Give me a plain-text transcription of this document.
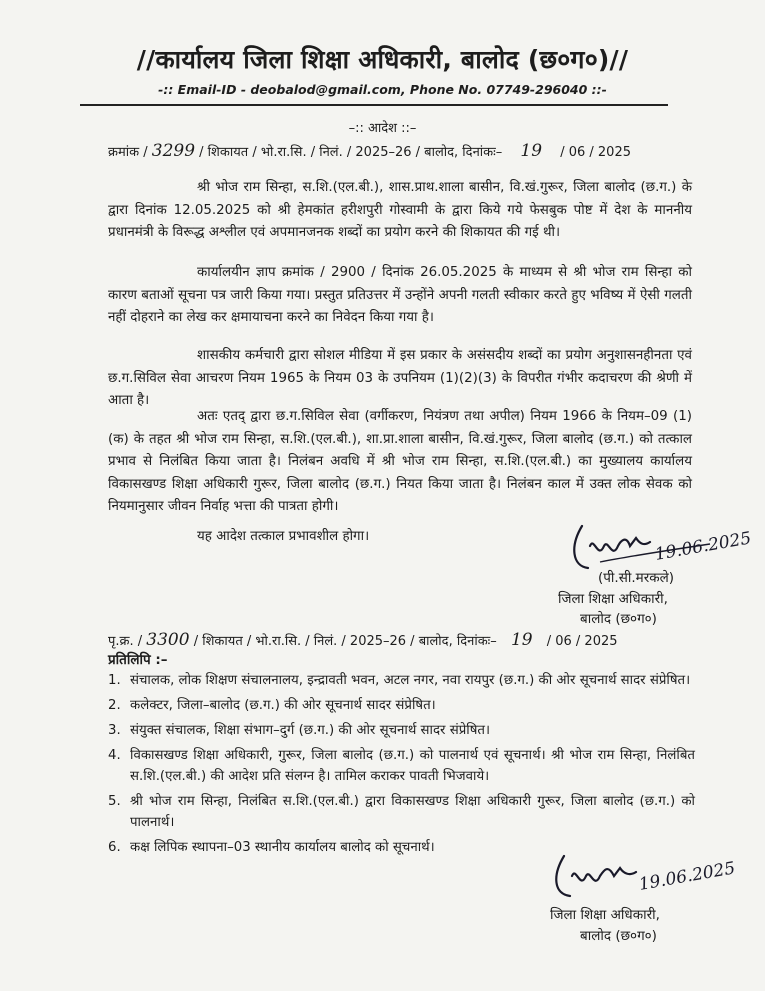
//कार्यालय जिला शिक्षा अधिकारी, बालोद (छ०ग०)//
-:: Email-ID - deobalod@gmail.com, Phone No. 07749-296040 ::-
–:: आदेश ::–
क्रमांक / 3299 / शिकायत / भो.रा.सि. / निलं. / 2025–26 / बालोद, दिनांकः– 19 / 06 / 2025
श्री भोज राम सिन्हा, स.शि.(एल.बी.), शास.प्राथ.शाला बासीन, वि.खं.गुरूर, जिला बालोद (छ.ग.) के द्वारा दिनांक 12.05.2025 को श्री हेमकांत हरीशपुरी गोस्वामी के द्वारा किये गये फेसबुक पोष्ट में देश के माननीय प्रधानमंत्री के विरूद्ध अश्लील एवं अपमानजनक शब्दों का प्रयोग करने की शिकायत की गई थी।
कार्यालयीन ज्ञाप क्रमांक / 2900 / दिनांक 26.05.2025 के माध्यम से श्री भोज राम सिन्हा को कारण बताओं सूचना पत्र जारी किया गया। प्रस्तुत प्रतिउत्तर में उन्होंने अपनी गलती स्वीकार करते हुए भविष्य में ऐसी गलती नहीं दोहराने का लेख कर क्षमायाचना करने का निवेदन किया गया है।
शासकीय कर्मचारी द्वारा सोशल मीडिया में इस प्रकार के असंसदीय शब्दों का प्रयोग अनुशासनहीनता एवं छ.ग.सिविल सेवा आचरण नियम 1965 के नियम 03 के उपनियम (1)(2)(3) के विपरीत गंभीर कदाचरण की श्रेणी में आता है।
अतः एतद् द्वारा छ.ग.सिविल सेवा (वर्गीकरण, नियंत्रण तथा अपील) नियम 1966 के नियम–09 (1)(क) के तहत श्री भोज राम सिन्हा, स.शि.(एल.बी.), शा.प्रा.शाला बासीन, वि.खं.गुरूर, जिला बालोद (छ.ग.) को तत्काल प्रभाव से निलंबित किया जाता है। निलंबन अवधि में श्री भोज राम सिन्हा, स.शि.(एल.बी.) का मुख्यालय कार्यालय विकासखण्ड शिक्षा अधिकारी गुरूर, जिला बालोद (छ.ग.) नियत किया जाता है। निलंबन काल में उक्त लोक सेवक को नियमानुसार जीवन निर्वाह भत्ता की पात्रता होगी।
यह आदेश तत्काल प्रभावशील होगा।	19.06.2025
(पी.सी.मरकले)
जिला शिक्षा अधिकारी,
बालोद (छ०ग०)
पृ.क्र. / 3300 / शिकायत / भो.रा.सि. / निलं. / 2025–26 / बालोद, दिनांकः– 19 / 06 / 2025
प्रतिलिपि :–
1. संचालक, लोक शिक्षण संचालनालय, इन्द्रावती भवन, अटल नगर, नवा रायपुर (छ.ग.) की ओर सूचनार्थ सादर संप्रेषित।
2. कलेक्टर, जिला–बालोद (छ.ग.) की ओर सूचनार्थ सादर संप्रेषित।
3. संयुक्त संचालक, शिक्षा संभाग–दुर्ग (छ.ग.) की ओर सूचनार्थ सादर संप्रेषित।
4. विकासखण्ड शिक्षा अधिकारी, गुरूर, जिला बालोद (छ.ग.) को पालनार्थ एवं सूचनार्थ। श्री भोज राम सिन्हा, निलंबित स.शि.(एल.बी.) की आदेश प्रति संलग्न है। तामिल कराकर पावती भिजवाये।
5. श्री भोज राम सिन्हा, निलंबित स.शि.(एल.बी.) द्वारा विकासखण्ड शिक्षा अधिकारी गुरूर, जिला बालोद (छ.ग.) को पालनार्थ।
6. कक्ष लिपिक स्थापना–03 स्थानीय कार्यालय बालोद को सूचनार्थ।
19.06.2025
जिला शिक्षा अधिकारी,
बालोद (छ०ग०)
